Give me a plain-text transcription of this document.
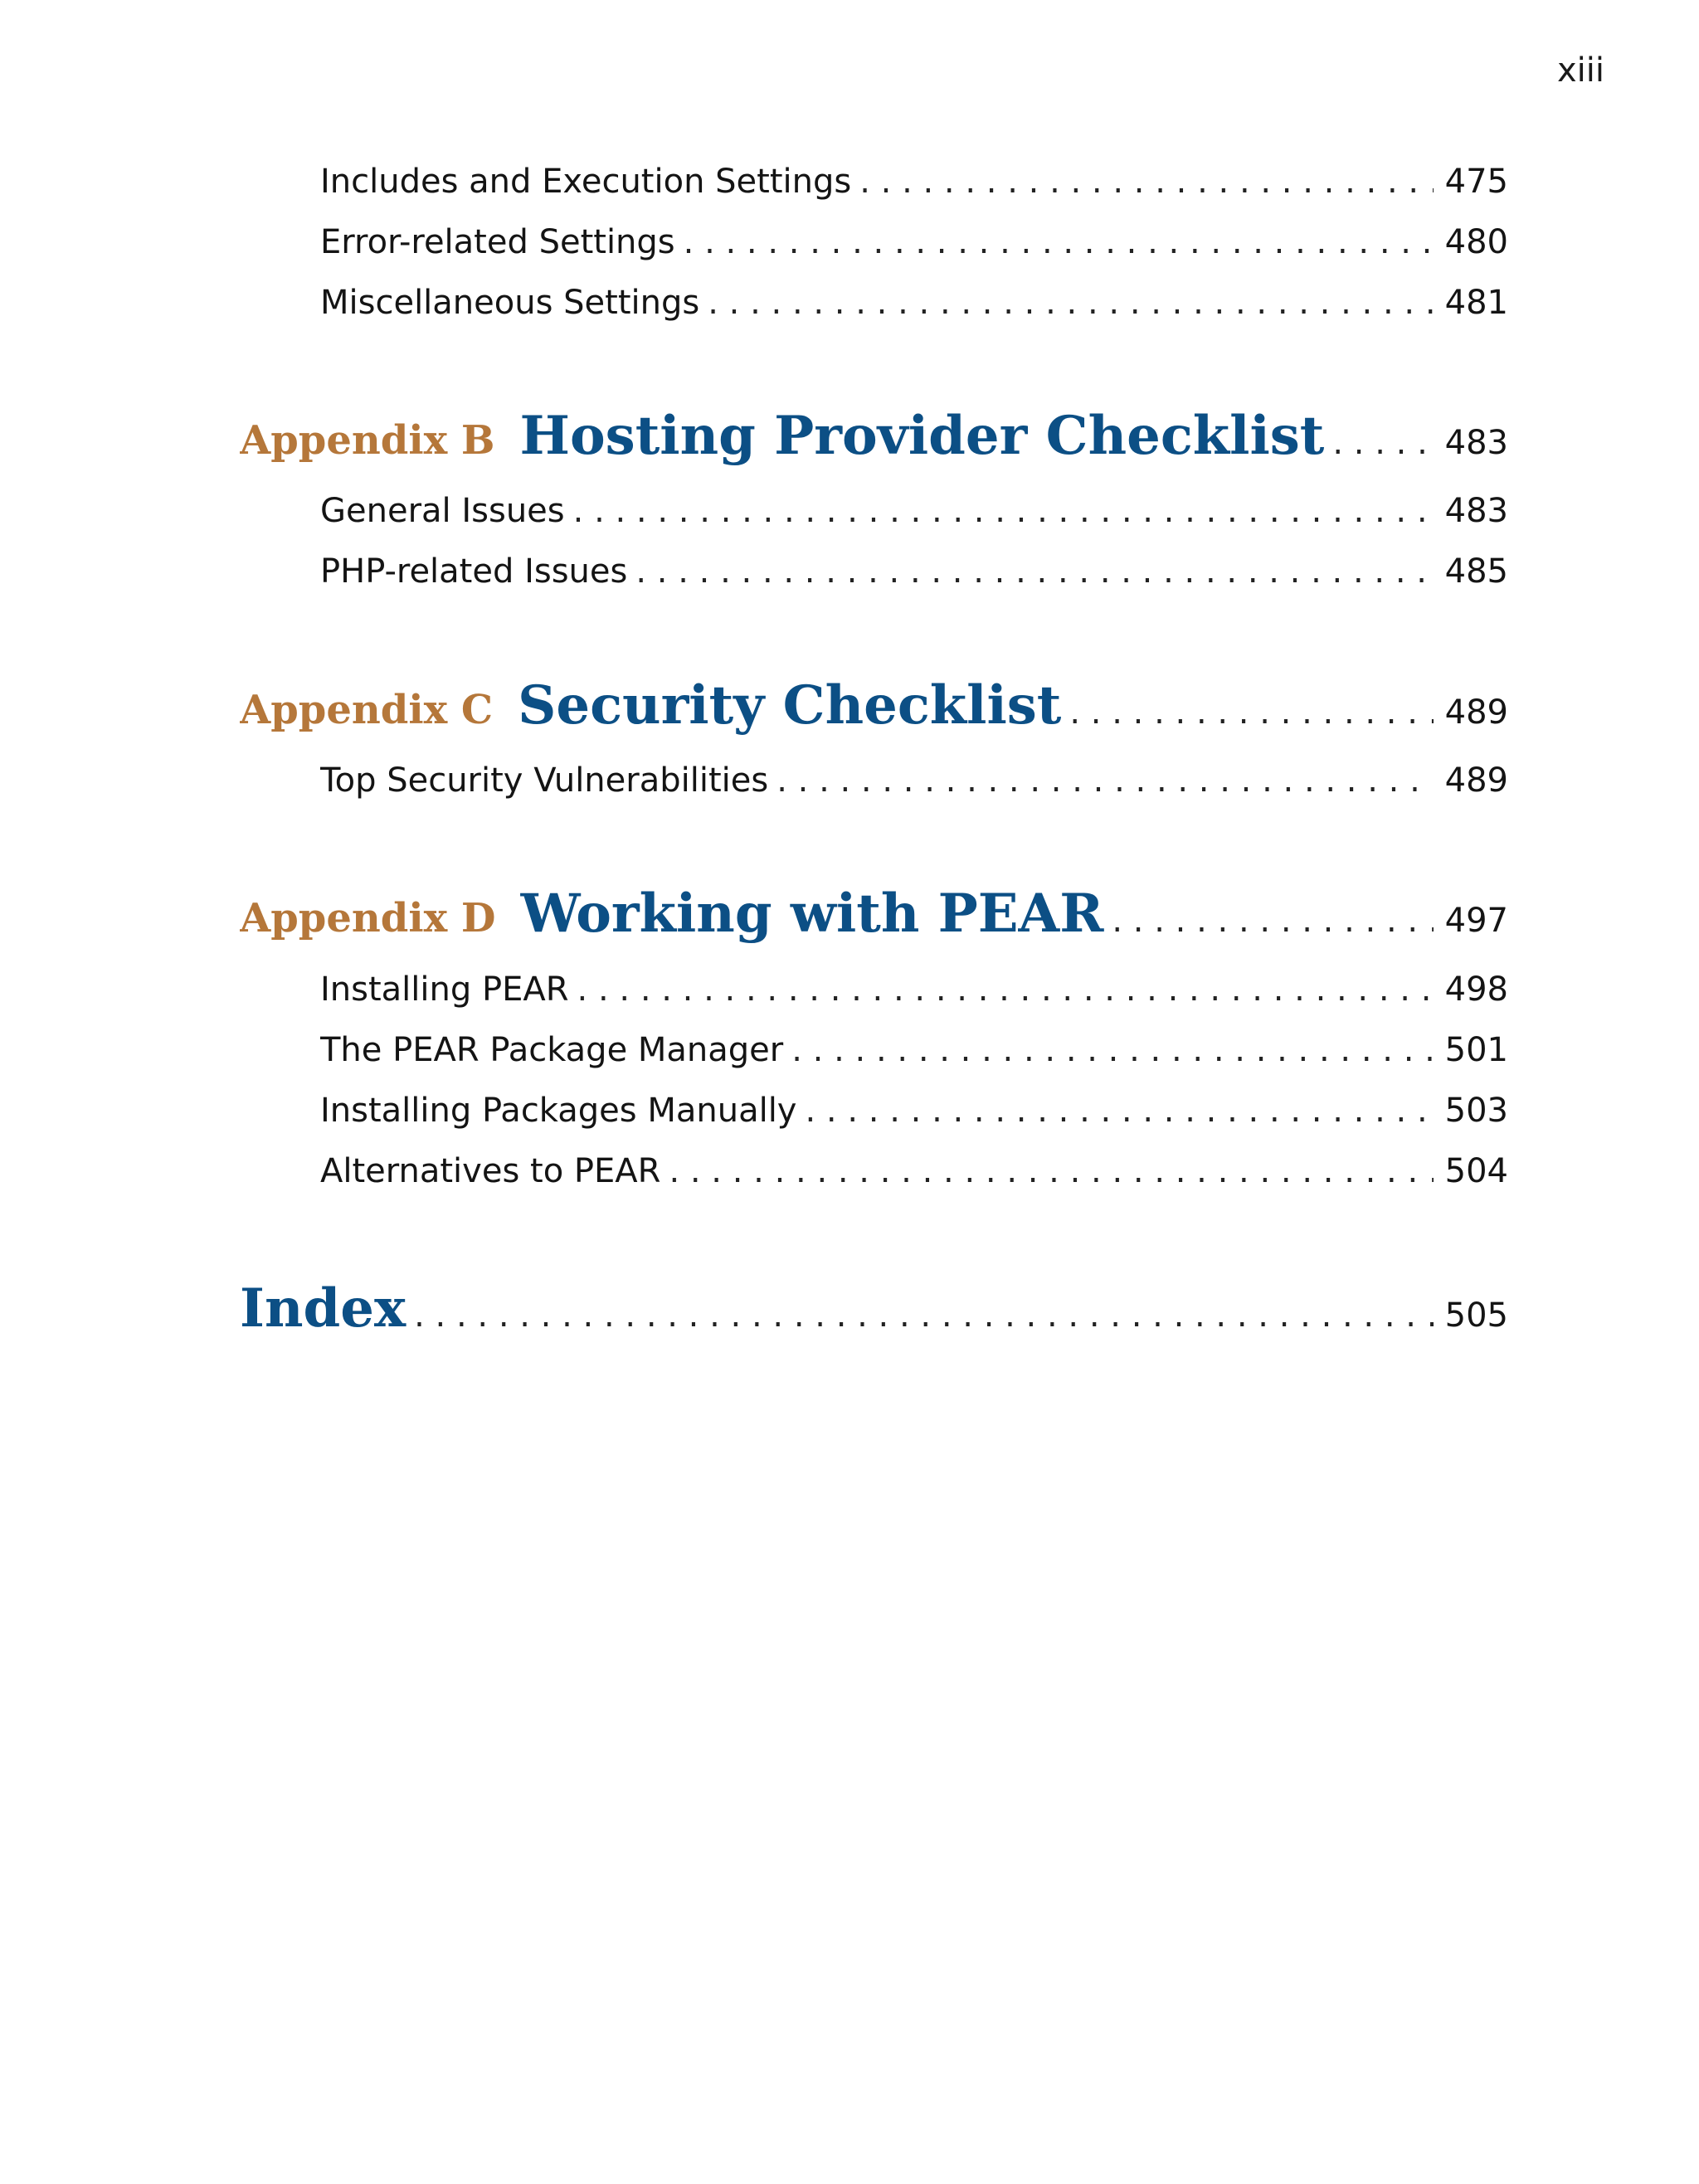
xiii
Includes and Execution Settings . . .	475
Error-related Settings . . .	480
Miscellaneous Settings . . .	481
Appendix B Hosting Provider Checklist . . .	483
General Issues . . .	483
PHP-related Issues . . .	485
Appendix C Security Checklist . . .	489
Top Security Vulnerabilities . . .	489
Appendix D Working with PEAR . . .	497
Installing PEAR . . .	498
The PEAR Package Manager . . .	501
Installing Packages Manually . . .	503
Alternatives to PEAR . . .	504
Index . . .	505
